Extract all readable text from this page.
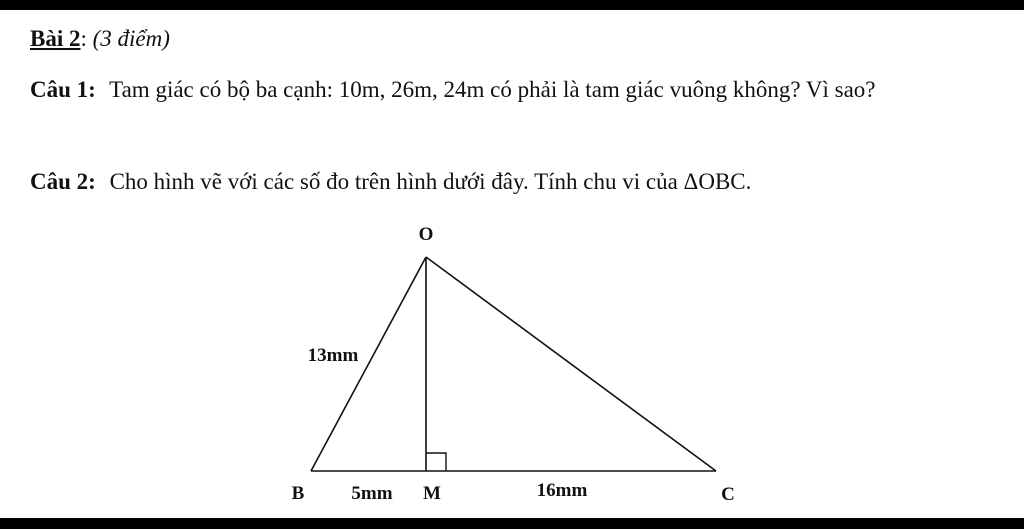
Bài 2: (3 điểm)
Câu 1: Tam giác có bộ ba cạnh: 10m, 26m, 24m có phải là tam giác vuông không? Vì sao?
Câu 2: Cho hình vẽ với các số đo trên hình dưới đây. Tính chu vi của ΔOBC.
O
B	M	C
13mm
5mm	16mm
